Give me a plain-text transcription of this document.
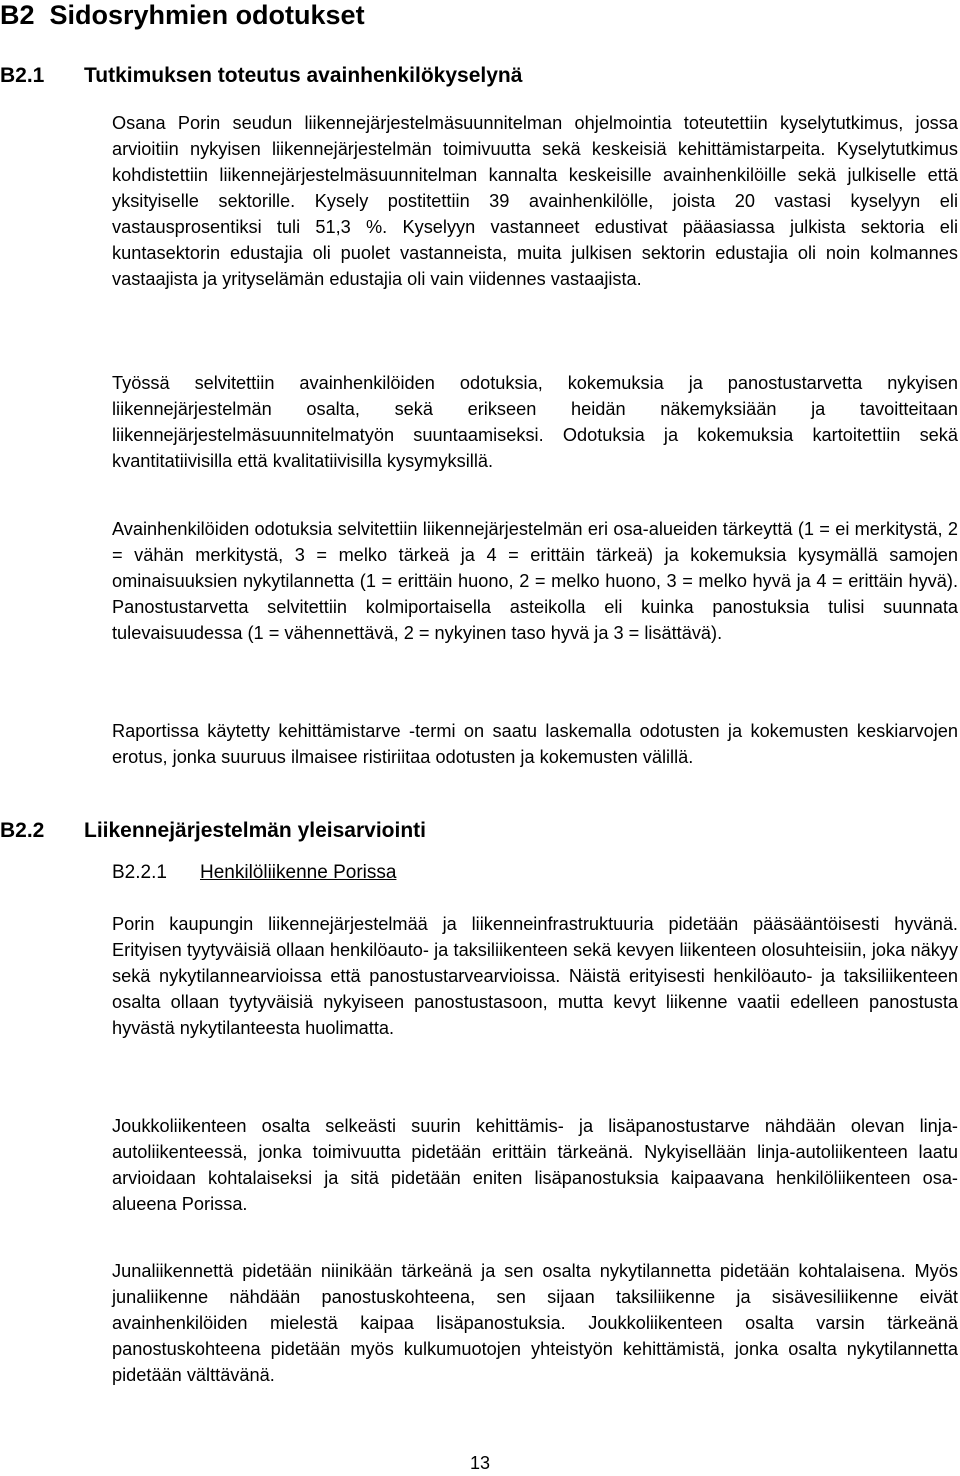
B2  Sidosryhmien odotukset
B2.1 Tutkimuksen toteutus avainhenkilökyselynä

Osana Porin seudun liikennejärjestelmäsuunnitelman ohjelmointia toteutettiin kyselytutkimus, jossa arvioitiin nykyisen liikennejärjestelmän toimivuutta sekä keskeisiä kehittämistarpeita. Kyselytutkimus kohdistettiin liikennejärjestelmäsuunnitelman kannalta keskeisille avainhenkilöille sekä julkiselle että yksityiselle sektorille. Kysely postitettiin 39 avainhenkilölle, joista 20 vastasi kyselyyn eli vastausprosentiksi tuli 51,3 %. Kyselyyn vastanneet edustivat pääasiassa julkista sektoria eli kuntasektorin edustajia oli puolet vastanneista, muita julkisen sektorin edustajia oli noin kolmannes vastaajista ja yrityselämän edustajia oli vain viidennes vastaajista.

Työssä selvitettiin avainhenkilöiden odotuksia, kokemuksia ja panostustarvetta nykyisen liikennejärjestelmän osalta, sekä erikseen heidän näkemyksiään ja tavoitteitaan liikennejärjestelmäsuunnitelmatyön suuntaamiseksi. Odotuksia ja kokemuksia kartoitettiin sekä kvantitatiivisilla että kvalitatiivisilla kysymyksillä.

Avainhenkilöiden odotuksia selvitettiin liikennejärjestelmän eri osa-alueiden tärkeyttä (1 = ei merkitystä, 2 = vähän merkitystä, 3 = melko tärkeä ja 4 = erittäin tärkeä) ja kokemuksia kysymällä samojen ominaisuuksien nykytilannetta (1 = erittäin huono, 2 = melko huono, 3 = melko hyvä ja 4 = erittäin hyvä). Panostustarvetta selvitettiin kolmiportaisella asteikolla eli kuinka panostuksia tulisi suunnata tulevaisuudessa (1 = vähennettävä, 2 = nykyinen taso hyvä ja 3 = lisättävä).

Raportissa käytetty kehittämistarve -termi on saatu laskemalla odotusten ja kokemusten keskiarvojen erotus, jonka suuruus ilmaisee ristiriitaa odotusten ja kokemusten välillä.

B2.2 Liikennejärjestelmän yleisarviointi
B2.2.1 Henkilöliikenne Porissa

Porin kaupungin liikennejärjestelmää ja liikenneinfrastruktuuria pidetään pääsääntöisesti hyvänä. Erityisen tyytyväisiä ollaan henkilöauto- ja taksiliikenteen sekä kevyen liikenteen olosuhteisiin, joka näkyy sekä nykytilannearvioissa että panostustarvearvioissa. Näistä erityisesti henkilöauto- ja taksiliikenteen osalta ollaan tyytyväisiä nykyiseen panostustasoon, mutta kevyt liikenne vaatii edelleen panostusta hyvästä nykytilanteesta huolimatta.

Joukkoliikenteen osalta selkeästi suurin kehittämis- ja lisäpanostustarve nähdään olevan linja-autoliikenteessä, jonka toimivuutta pidetään erittäin tärkeänä. Nykyisellään linja-autoliikenteen laatu arvioidaan kohtalaiseksi ja sitä pidetään eniten lisäpanostuksia kaipaavana henkilöliikenteen osa-alueena Porissa.

Junaliikennettä pidetään niinikään tärkeänä ja sen osalta nykytilannetta pidetään kohtalaisena. Myös junaliikenne nähdään panostuskohteena, sen sijaan taksiliikenne ja sisävesiliikenne eivät avainhenkilöiden mielestä kaipaa lisäpanostuksia. Joukkoliikenteen osalta varsin tärkeänä panostuskohteena pidetään myös kulkumuotojen yhteistyön kehittämistä, jonka osalta nykytilannetta pidetään välttävänä.

13
